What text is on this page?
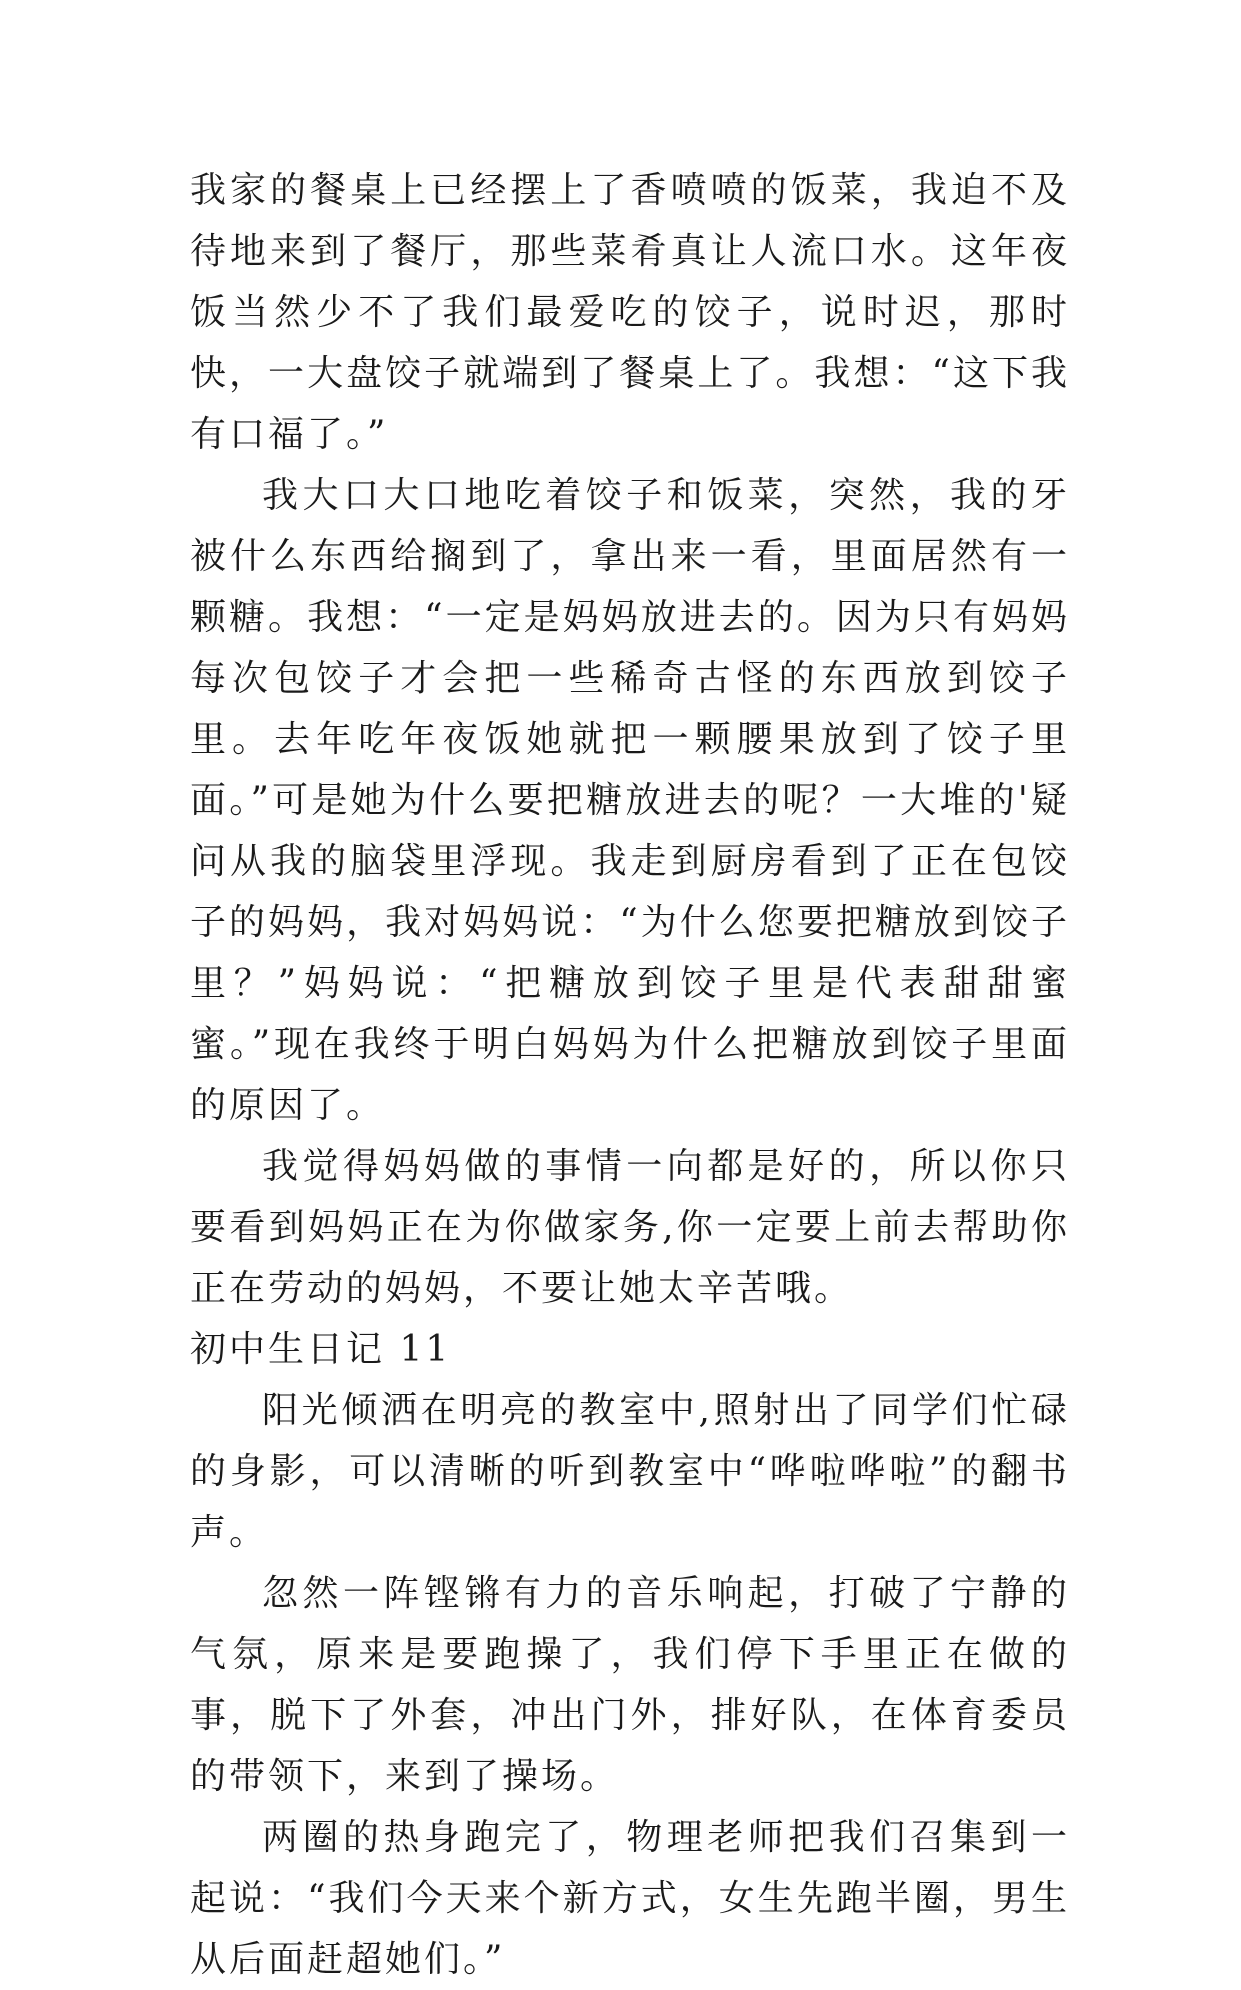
我家的餐桌上已经摆上了香喷喷的饭菜，我迫不及待地来到了餐厅，那些菜肴真让人流口水。这年夜饭当然少不了我们最爱吃的饺子，说时迟，那时快，一大盘饺子就端到了餐桌上了。我想：“这下我有口福了。”

我大口大口地吃着饺子和饭菜，突然，我的牙被什么东西给搁到了，拿出来一看，里面居然有一颗糖。我想：“一定是妈妈放进去的。因为只有妈妈每次包饺子才会把一些稀奇古怪的东西放到饺子里。去年吃年夜饭她就把一颗腰果放到了饺子里面。”可是她为什么要把糖放进去的呢？一大堆的'疑问从我的脑袋里浮现。我走到厨房看到了正在包饺子的妈妈，我对妈妈说：“为什么您要把糖放到饺子里？”妈妈说：“把糖放到饺子里是代表甜甜蜜蜜。”现在我终于明白妈妈为什么把糖放到饺子里面的原因了。

我觉得妈妈做的事情一向都是好的，所以你只要看到妈妈正在为你做家务,你一定要上前去帮助你正在劳动的妈妈，不要让她太辛苦哦。

初中生日记 11

阳光倾洒在明亮的教室中,照射出了同学们忙碌的身影，可以清晰的听到教室中“哗啦哗啦”的翻书声。

忽然一阵铿锵有力的音乐响起，打破了宁静的气氛，原来是要跑操了，我们停下手里正在做的事，脱下了外套，冲出门外，排好队，在体育委员的带领下，来到了操场。

两圈的热身跑完了，物理老师把我们召集到一起说：“我们今天来个新方式，女生先跑半圈，男生从后面赶超她们。”
